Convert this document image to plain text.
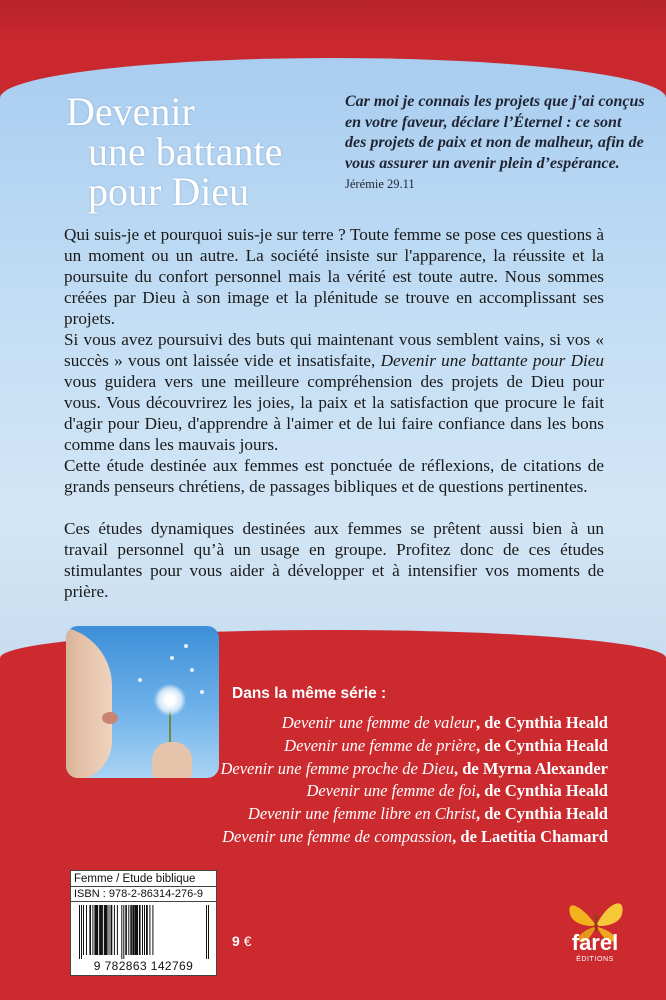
Devenir
une battante
pour Dieu
Car moi je connais les projets que j’ai conçus en votre faveur, déclare l’Éternel : ce sont des projets de paix et non de malheur, afin de vous assurer un avenir plein d’espérance.
Jérémie 29.11

Qui suis-je et pourquoi suis-je sur terre ? Toute femme se pose ces questions à un moment ou un autre. La société insiste sur l'apparence, la réussite et la poursuite du confort personnel mais la vérité est toute autre. Nous sommes créées par Dieu à son image et la plénitude se trouve en accomplissant ses projets.

Si vous avez poursuivi des buts qui maintenant vous semblent vains, si vos « succès » vous ont laissée vide et insatisfaite, Devenir une battante pour Dieu vous guidera vers une meilleure compréhension des projets de Dieu pour vous. Vous découvrirez les joies, la paix et la satisfaction que procure le fait d'agir pour Dieu, d'apprendre à l'aimer et de lui faire confiance dans les bons comme dans les mauvais jours.

Cette étude destinée aux femmes est ponctuée de réflexions, de citations de grands penseurs chrétiens, de passages bibliques et de questions pertinentes.

Ces études dynamiques destinées aux femmes se prêtent aussi bien à un travail personnel qu’à un usage en groupe. Profitez donc de ces études stimulantes pour vous aider à développer et à intensifier vos moments de prière.

Dans la même série :
Devenir une femme de valeur, de Cynthia Heald
Devenir une femme de prière, de Cynthia Heald
Devenir une femme proche de Dieu, de Myrna Alexander
Devenir une femme de foi, de Cynthia Heald
Devenir une femme libre en Christ, de Cynthia Heald
Devenir une femme de compassion, de Laetitia Chamard
Femme / Etude biblique
ISBN : 978-2-86314-276-9
9 782863 142769
9 €	farel
ÉDITIONS
